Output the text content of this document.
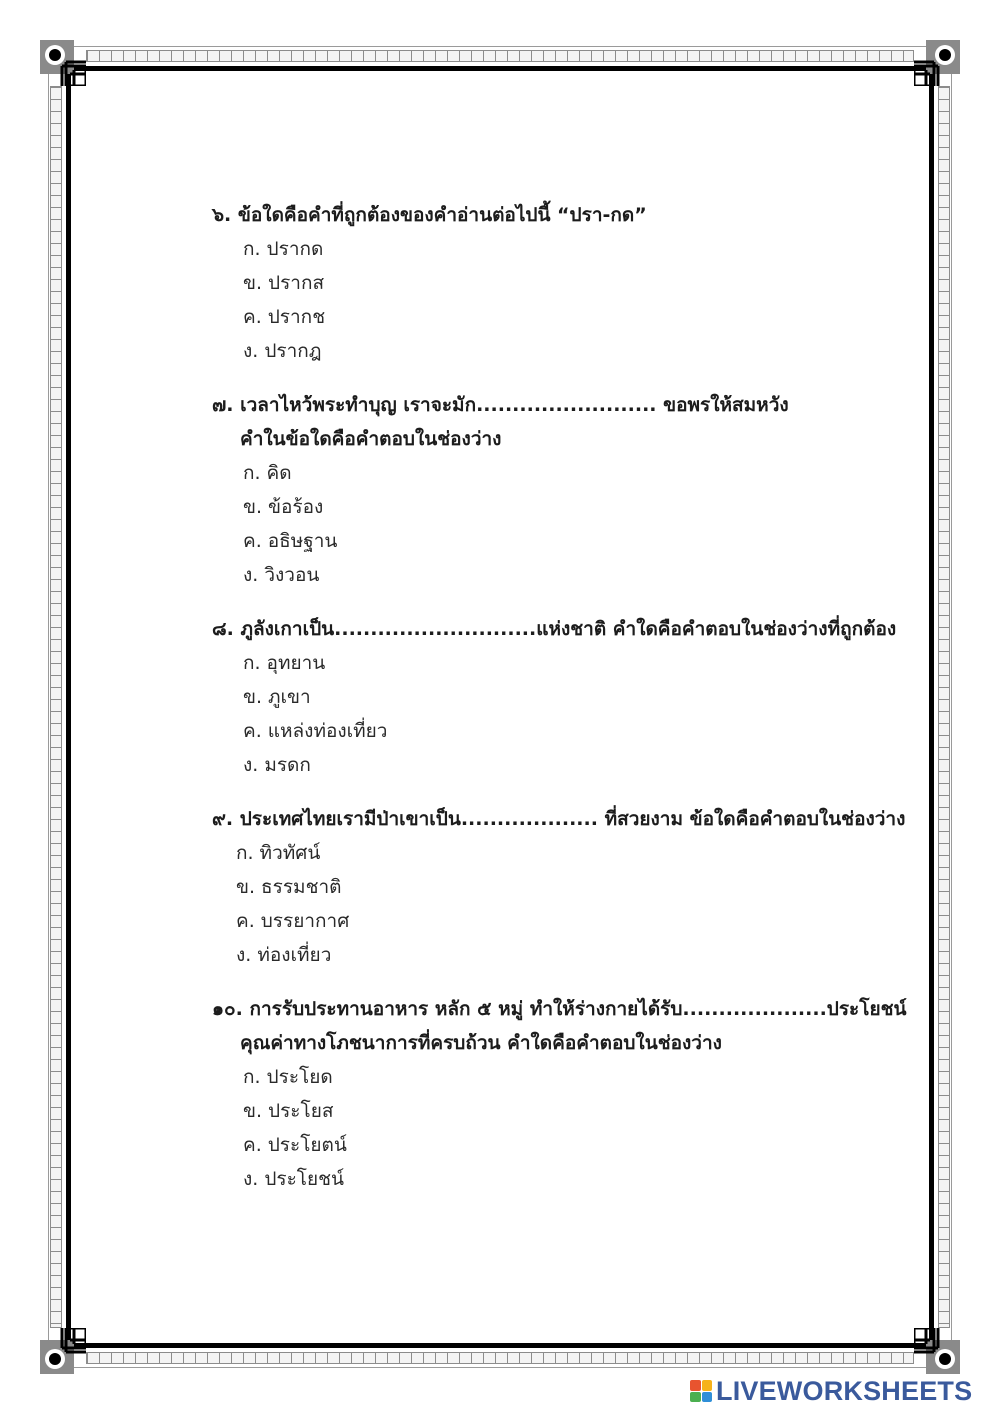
๖. ข้อใดคือคำที่ถูกต้องของคำอ่านต่อไปนี้ “ปรา-กด”
ก. ปรากด
ข. ปรากส
ค. ปรากช
ง. ปรากฎ
๗. เวลาไหว้พระทำบุญ เราจะมัก......................... ขอพรให้สมหวัง
คำในข้อใดคือคำตอบในช่องว่าง
ก. คิด
ข. ข้อร้อง
ค. อธิษฐาน
ง. วิงวอน
๘. ภูลังเกาเป็น............................แห่งชาติ คำใดคือคำตอบในช่องว่างที่ถูกต้อง
ก. อุทยาน
ข. ภูเขา
ค. แหล่งท่องเที่ยว
ง. มรดก
๙. ประเทศไทยเรามีป่าเขาเป็น................... ที่สวยงาม ข้อใดคือคำตอบในช่องว่าง
ก. ทิวทัศน์
ข. ธรรมชาติ
ค. บรรยากาศ
ง. ท่องเที่ยว
๑๐. การรับประทานอาหาร หลัก ๕ หมู่ ทำให้ร่างกายได้รับ....................ประโยชน์
คุณค่าทางโภชนาการที่ครบถ้วน คำใดคือคำตอบในช่องว่าง
ก. ประโยด
ข. ประโยส
ค. ประโยตน์
ง. ประโยชน์
LIVEWORKSHEETS
